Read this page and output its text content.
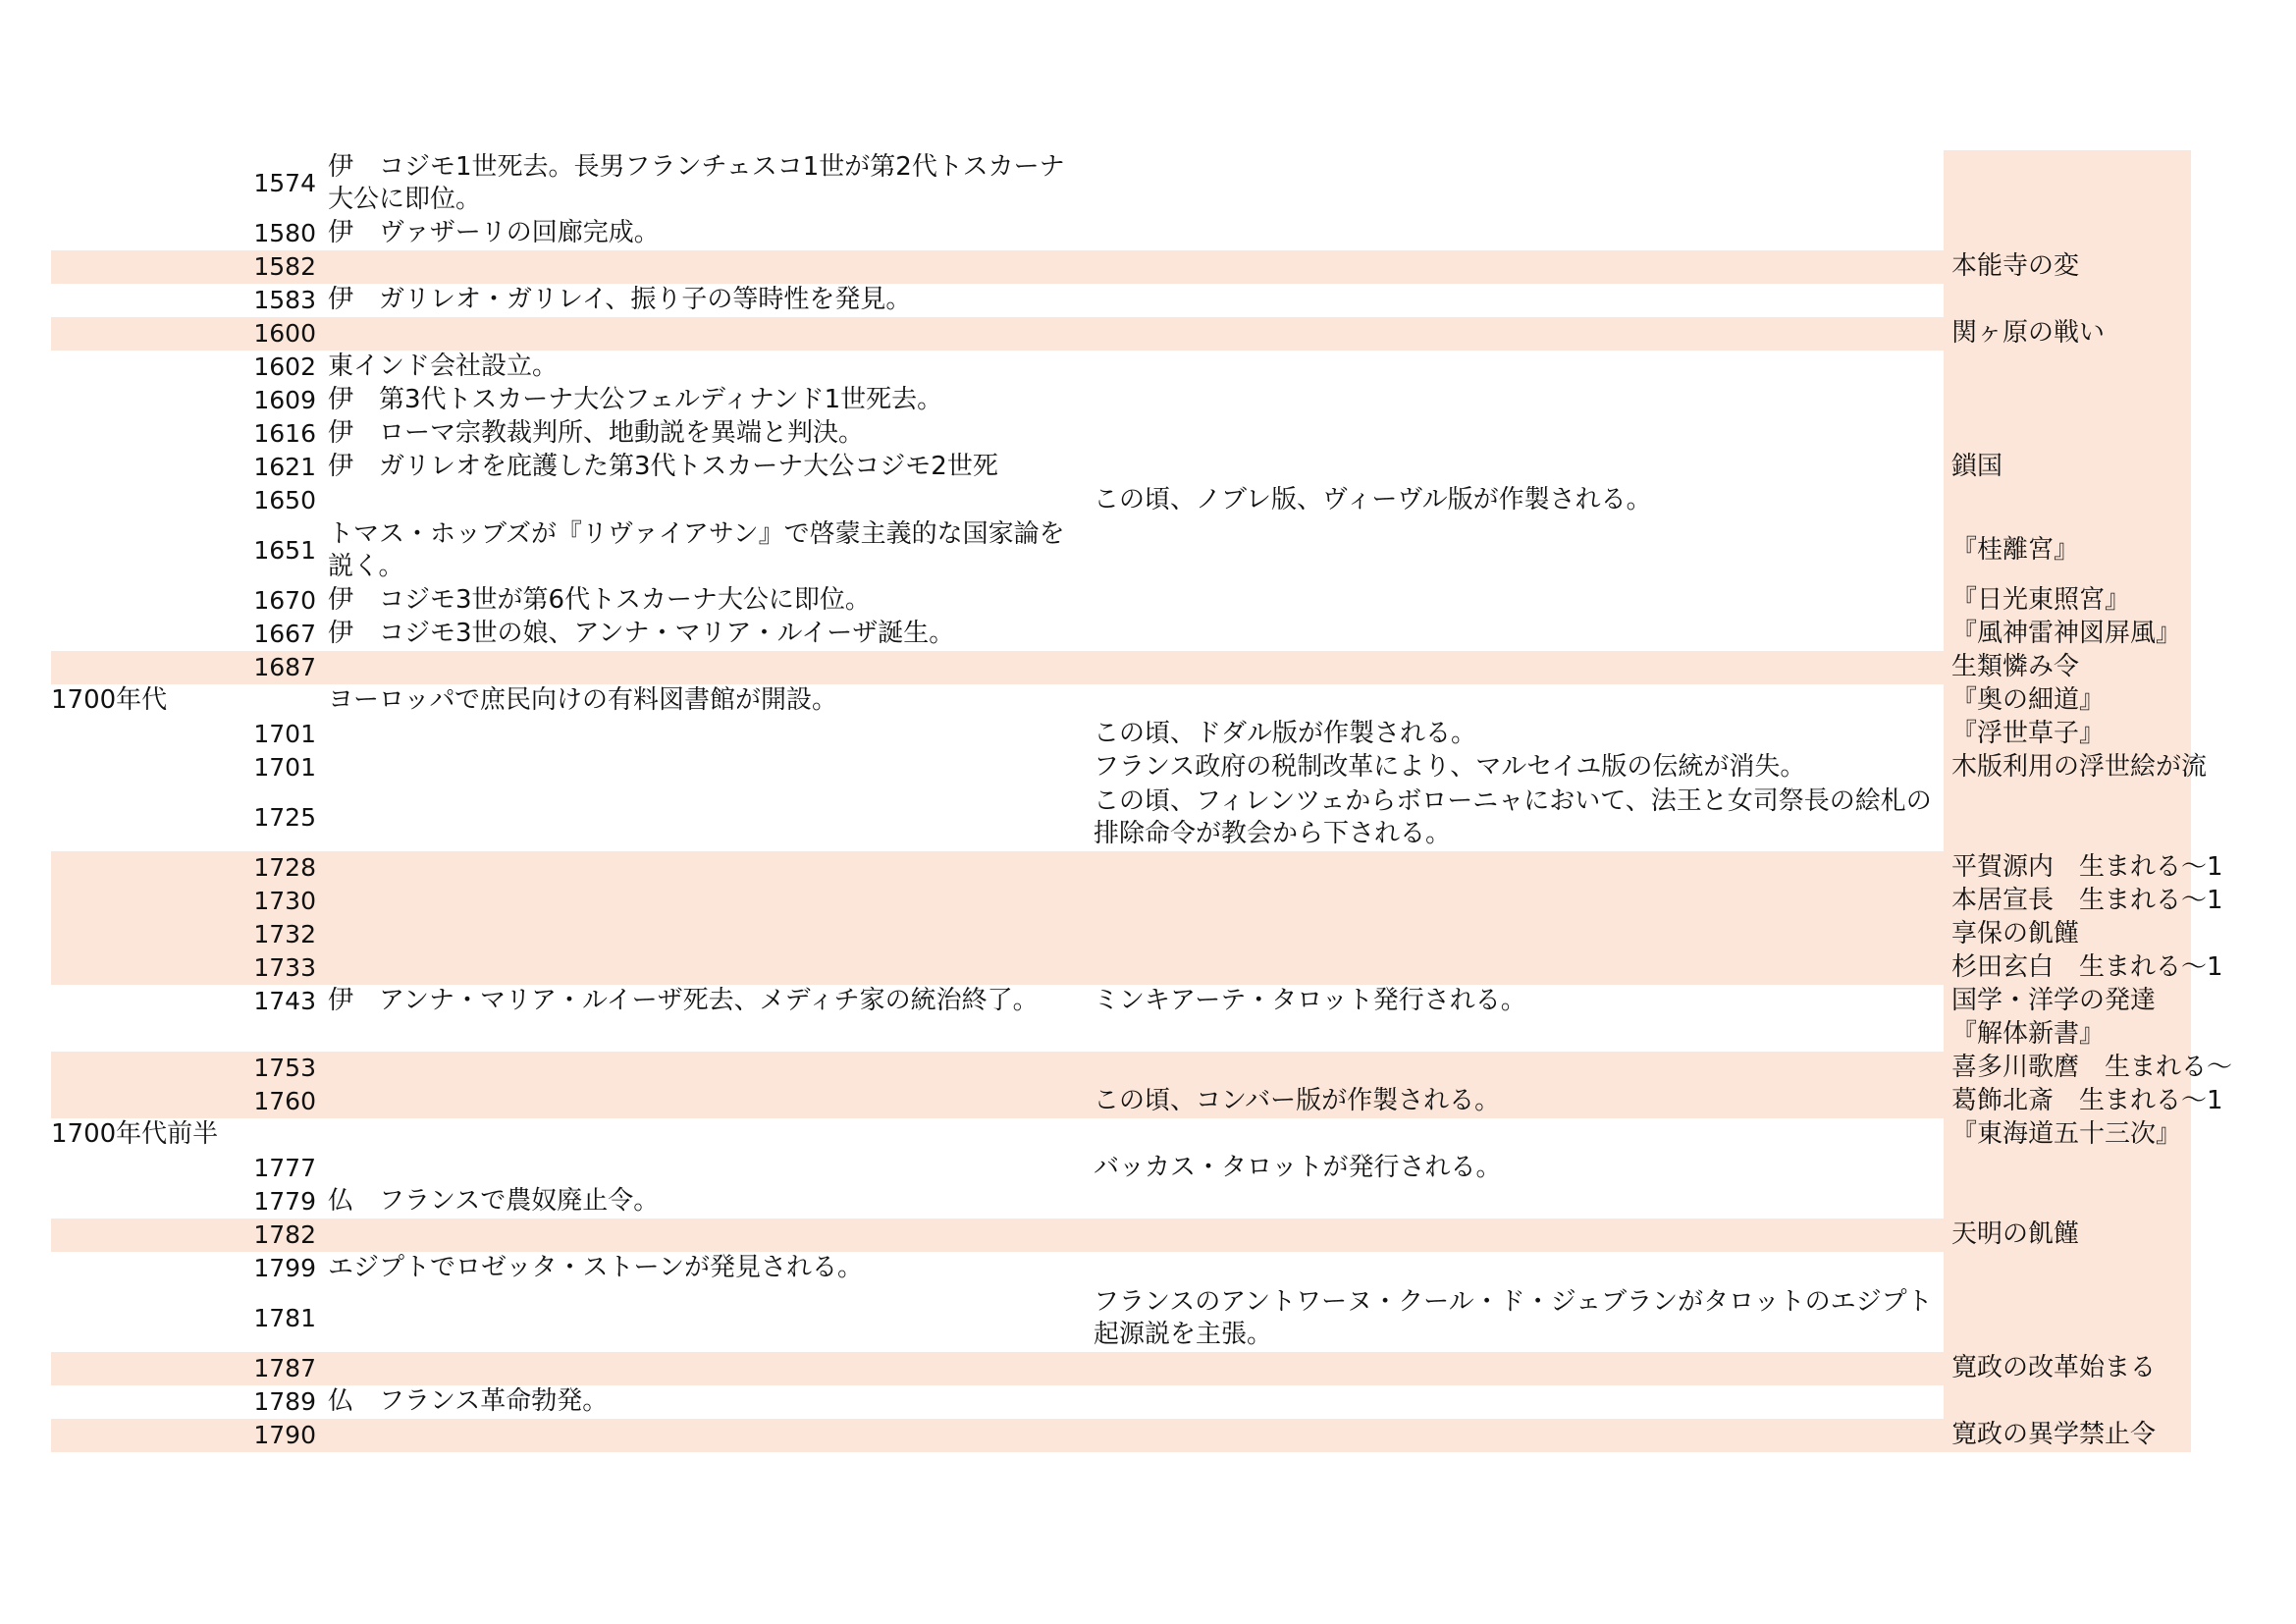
	1574	伊　コジモ1世死去。長男フランチェスコ1世が第2代トスカーナ大公に即位。		
	1580	伊　ヴァザーリの回廊完成。		
	1582			本能寺の変
	1583	伊　ガリレオ・ガリレイ、振り子の等時性を発見。		
	1600			関ヶ原の戦い
	1602	東インド会社設立。		
	1609	伊　第3代トスカーナ大公フェルディナンド1世死去。		
	1616	伊　ローマ宗教裁判所、地動説を異端と判決。		
	1621	伊　ガリレオを庇護した第3代トスカーナ大公コジモ2世死		鎖国
	1650		この頃、ノブレ版、ヴィーヴル版が作製される。	
	1651	トマス・ホッブズが『リヴァイアサン』で啓蒙主義的な国家論を説く。		『桂離宮』
	1670	伊　コジモ3世が第6代トスカーナ大公に即位。		『日光東照宮』
	1667	伊　コジモ3世の娘、アンナ・マリア・ルイーザ誕生。		『風神雷神図屏風』
	1687			生類憐み令
1700年代		ヨーロッパで庶民向けの有料図書館が開設。		『奥の細道』
	1701		この頃、ドダル版が作製される。	『浮世草子』
	1701		フランス政府の税制改革により、マルセイユ版の伝統が消失。	木版利用の浮世絵が流
	1725		この頃、フィレンツェからボローニャにおいて、法王と女司祭長の絵札の排除命令が教会から下される。	
	1728			平賀源内　生まれる～1
	1730			本居宣長　生まれる～1
	1732			享保の飢饉
	1733			杉田玄白　生まれる～1
	1743	伊　アンナ・マリア・ルイーザ死去、メディチ家の統治終了。	ミンキアーテ・タロット発行される。	国学・洋学の発達
				『解体新書』
	1753			喜多川歌麿　生まれる～
	1760		この頃、コンバー版が作製される。	葛飾北斎　生まれる～1
1700年代前半				『東海道五十三次』
	1777		バッカス・タロットが発行される。	
	1779	仏　フランスで農奴廃止令。		
	1782			天明の飢饉
	1799	エジプトでロゼッタ・ストーンが発見される。		
	1781		フランスのアントワーヌ・クール・ド・ジェブランがタロットのエジプト起源説を主張。	
	1787			寛政の改革始まる
	1789	仏　フランス革命勃発。		
	1790			寛政の異学禁止令
